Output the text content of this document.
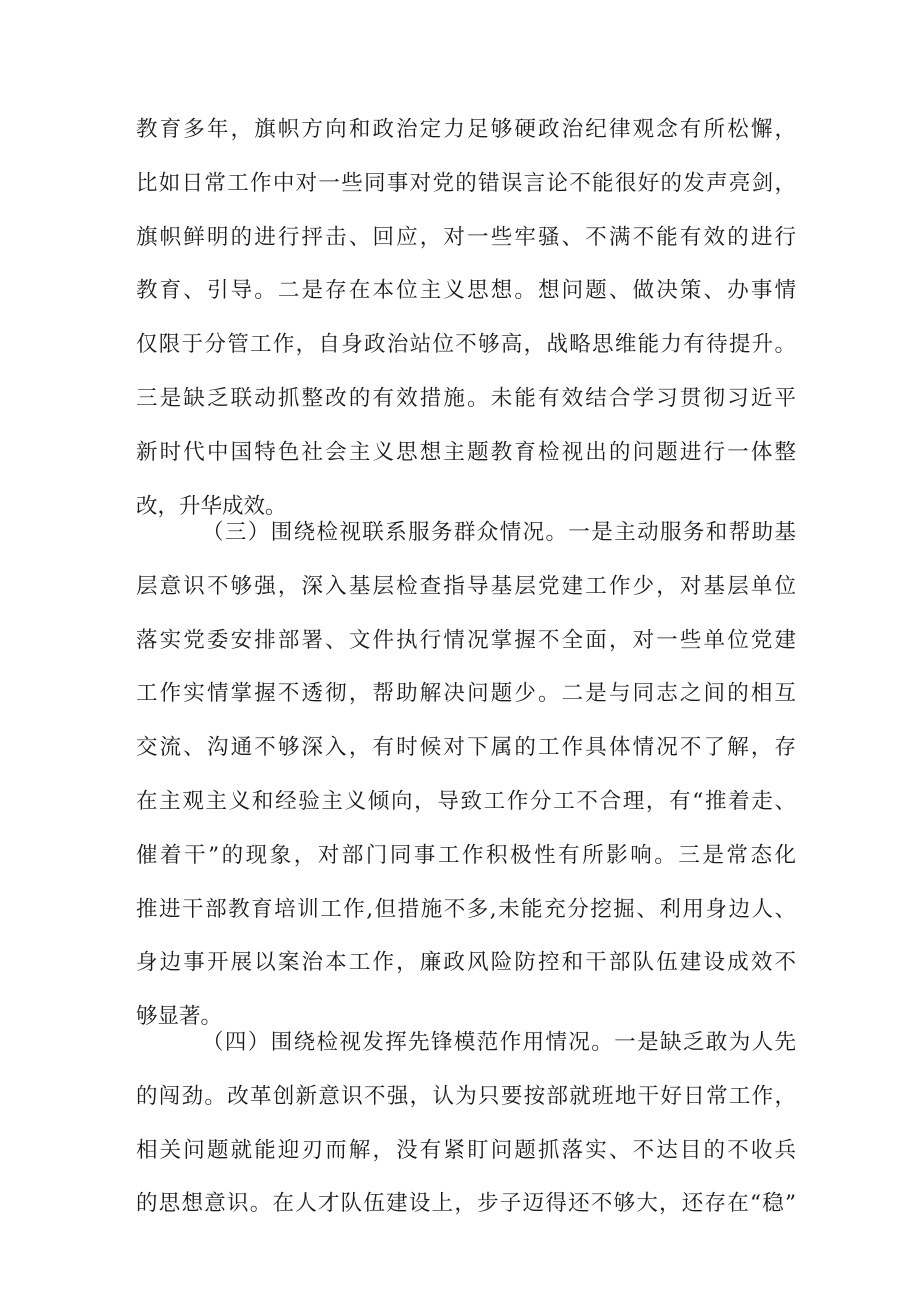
教育多年，旗帜方向和政治定力足够硬政治纪律观念有所松懈，
比如日常工作中对一些同事对党的错误言论不能很好的发声亮剑，
旗帜鲜明的进行抨击、回应，对一些牢骚、不满不能有效的进行
教育、引导。二是存在本位主义思想。想问题、做决策、办事情
仅限于分管工作，自身政治站位不够高，战略思维能力有待提升。
三是缺乏联动抓整改的有效措施。未能有效结合学习贯彻习近平
新时代中国特色社会主义思想主题教育检视出的问题进行一体整
改，升华成效。
（三）围绕检视联系服务群众情况。一是主动服务和帮助基
层意识不够强，深入基层检查指导基层党建工作少，对基层单位
落实党委安排部署、文件执行情况掌握不全面，对一些单位党建
工作实情掌握不透彻，帮助解决问题少。二是与同志之间的相互
交流、沟通不够深入，有时候对下属的工作具体情况不了解，存
在主观主义和经验主义倾向，导致工作分工不合理，有“推着走、
催着干”的现象，对部门同事工作积极性有所影响。三是常态化
推进干部教育培训工作,但措施不多,未能充分挖掘、利用身边人、
身边事开展以案治本工作，廉政风险防控和干部队伍建设成效不
够显著。
（四）围绕检视发挥先锋模范作用情况。一是缺乏敢为人先
的闯劲。改革创新意识不强，认为只要按部就班地干好日常工作，
相关问题就能迎刃而解，没有紧盯问题抓落实、不达目的不收兵
的思想意识。在人才队伍建设上，步子迈得还不够大，还存在“稳”
